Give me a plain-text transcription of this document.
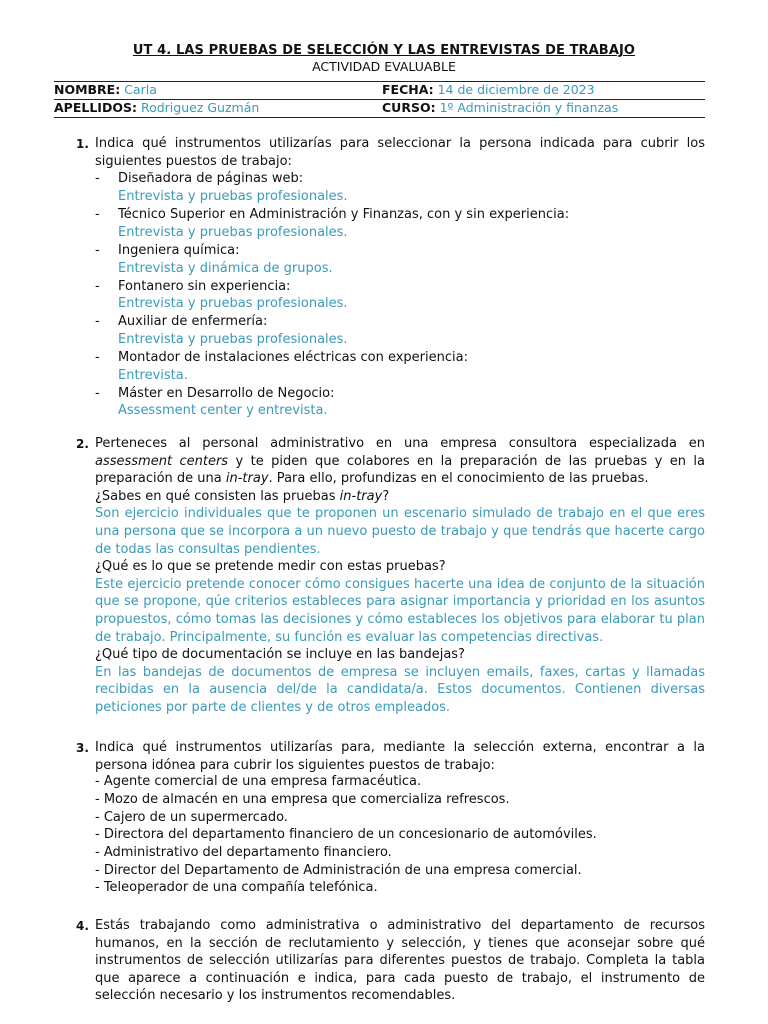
UT 4. LAS PRUEBAS DE SELECCIÓN Y LAS ENTREVISTAS DE TRABAJO
ACTIVIDAD EVALUABLE
NOMBRE: Carla	FECHA: 14 de diciembre de 2023
APELLIDOS: Rodriguez Guzmán	CURSO: 1º Administración y finanzas
1. Indica qué instrumentos utilizarías para seleccionar la persona indicada para cubrir los siguientes puestos de trabajo:
- Diseñadora de páginas web:
Entrevista y pruebas profesionales.
- Técnico Superior en Administración y Finanzas, con y sin experiencia:
Entrevista y pruebas profesionales.
- Ingeniera química:
Entrevista y dinámica de grupos.
- Fontanero sin experiencia:
Entrevista y pruebas profesionales.
- Auxiliar de enfermería:
Entrevista y pruebas profesionales.
- Montador de instalaciones eléctricas con experiencia:
Entrevista.
- Máster en Desarrollo de Negocio:
Assessment center y entrevista.
2. Perteneces al personal administrativo en una empresa consultora especializada en assessment centers y te piden que colabores en la preparación de las pruebas y en la preparación de una in-tray. Para ello, profundizas en el conocimiento de las pruebas.

¿Sabes en qué consisten las pruebas in-tray?

Son ejercicio individuales que te proponen un escenario simulado de trabajo en el que eres una persona que se incorpora a un nuevo puesto de trabajo y que tendrás que hacerte cargo de todas las consultas pendientes.

¿Qué es lo que se pretende medir con estas pruebas?

Este ejercicio pretende conocer cómo consigues hacerte una idea de conjunto de la situación que se propone, qúe criterios estableces para asignar importancia y prioridad en los asuntos propuestos, cómo tomas las decisiones y cómo estableces los objetivos para elaborar tu plan de trabajo. Principalmente, su función es evaluar las competencias directivas.

¿Qué tipo de documentación se incluye en las bandejas?

En las bandejas de documentos de empresa se incluyen emails, faxes, cartas y llamadas recibidas en la ausencia del/de la candidata/a. Estos documentos. Contienen diversas peticiones por parte de clientes y de otros empleados.

3. Indica qué instrumentos utilizarías para, mediante la selección externa, encontrar a la persona idónea para cubrir los siguientes puestos de trabajo:
- Agente comercial de una empresa farmacéutica.
- Mozo de almacén en una empresa que comercializa refrescos.
- Cajero de un supermercado.
- Directora del departamento financiero de un concesionario de automóviles.
- Administrativo del departamento financiero.
- Director del Departamento de Administración de una empresa comercial.
- Teleoperador de una compañía telefónica.
4. Estás trabajando como administrativa o administrativo del departamento de recursos humanos, en la sección de reclutamiento y selección, y tienes que aconsejar sobre qué instrumentos de selección utilizarías para diferentes puestos de trabajo. Completa la tabla que aparece a continuación e indica, para cada puesto de trabajo, el instrumento de selección necesario y los instrumentos recomendables.
